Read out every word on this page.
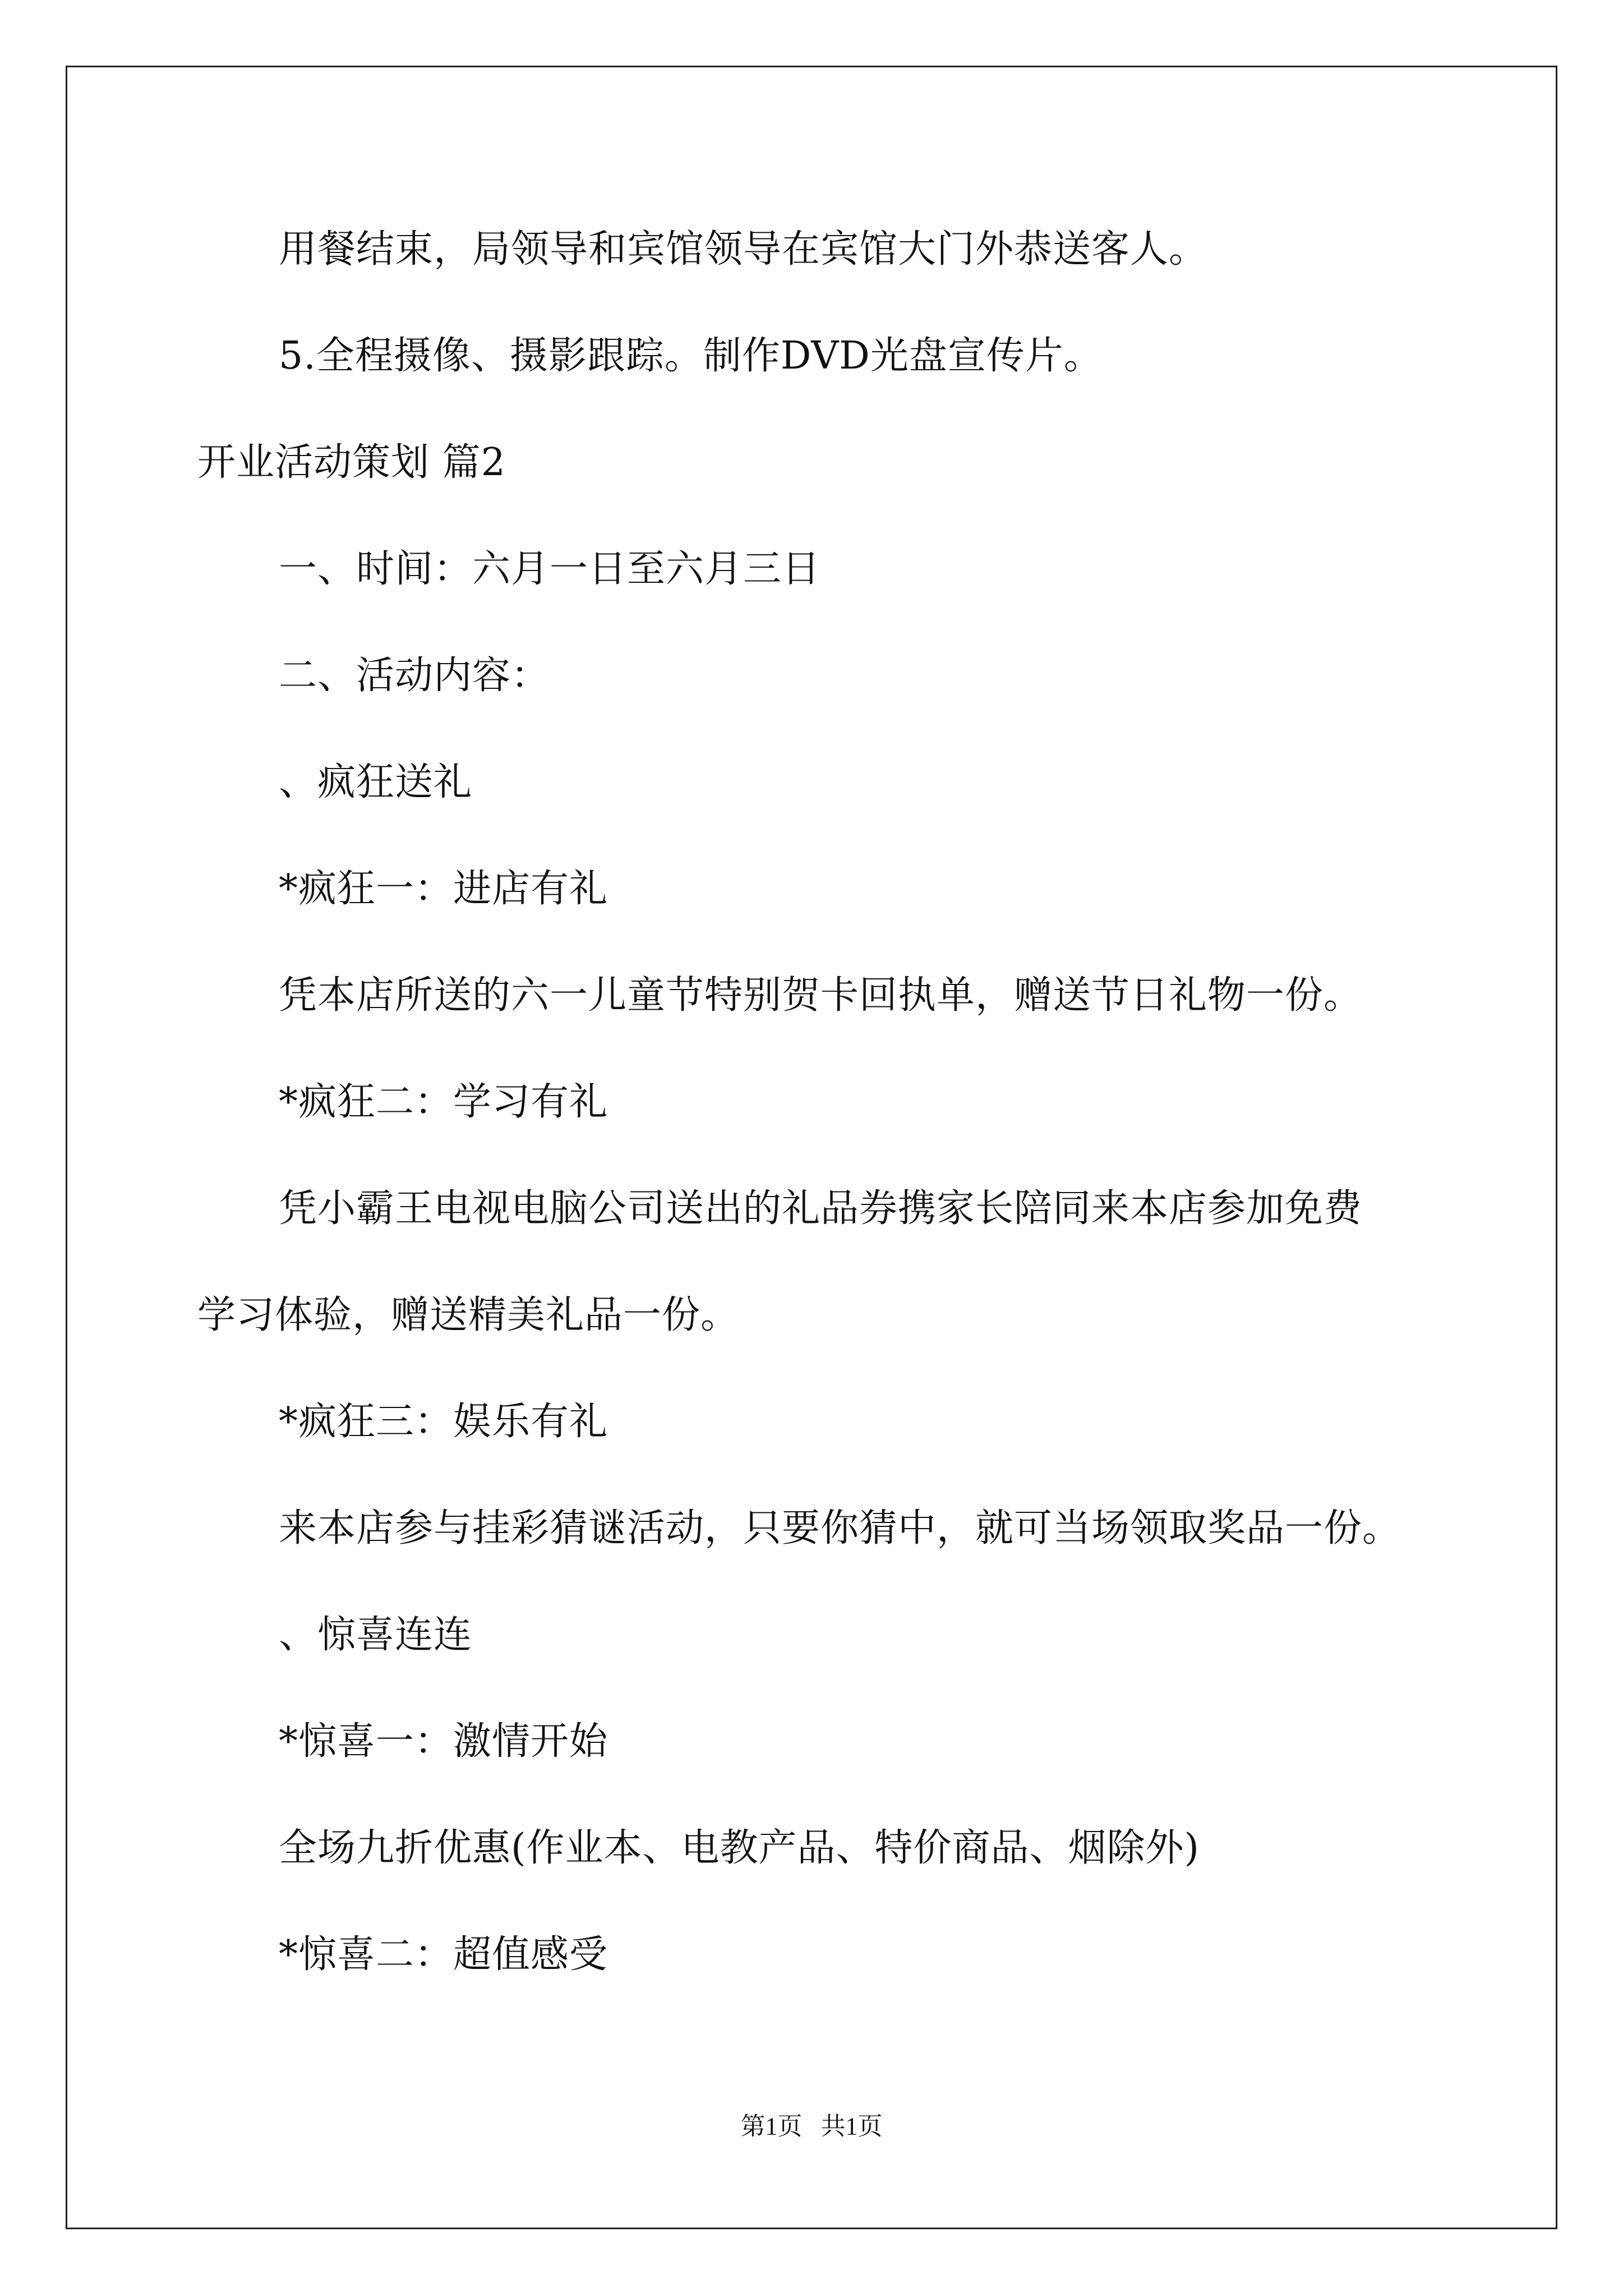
用餐结束，局领导和宾馆领导在宾馆大门外恭送客人。
5.全程摄像、摄影跟踪。制作DVD光盘宣传片。
开业活动策划 篇2
一、时间：六月一日至六月三日
二、活动内容：
、疯狂送礼
*疯狂一：进店有礼
凭本店所送的六一儿童节特别贺卡回执单，赠送节日礼物一份。
*疯狂二：学习有礼
凭小霸王电视电脑公司送出的礼品券携家长陪同来本店参加免费
学习体验，赠送精美礼品一份。
*疯狂三：娱乐有礼
来本店参与挂彩猜谜活动，只要你猜中，就可当场领取奖品一份。
、惊喜连连
*惊喜一：激情开始
全场九折优惠(作业本、电教产品、特价商品、烟除外)
*惊喜二：超值感受
第1页   共1页
